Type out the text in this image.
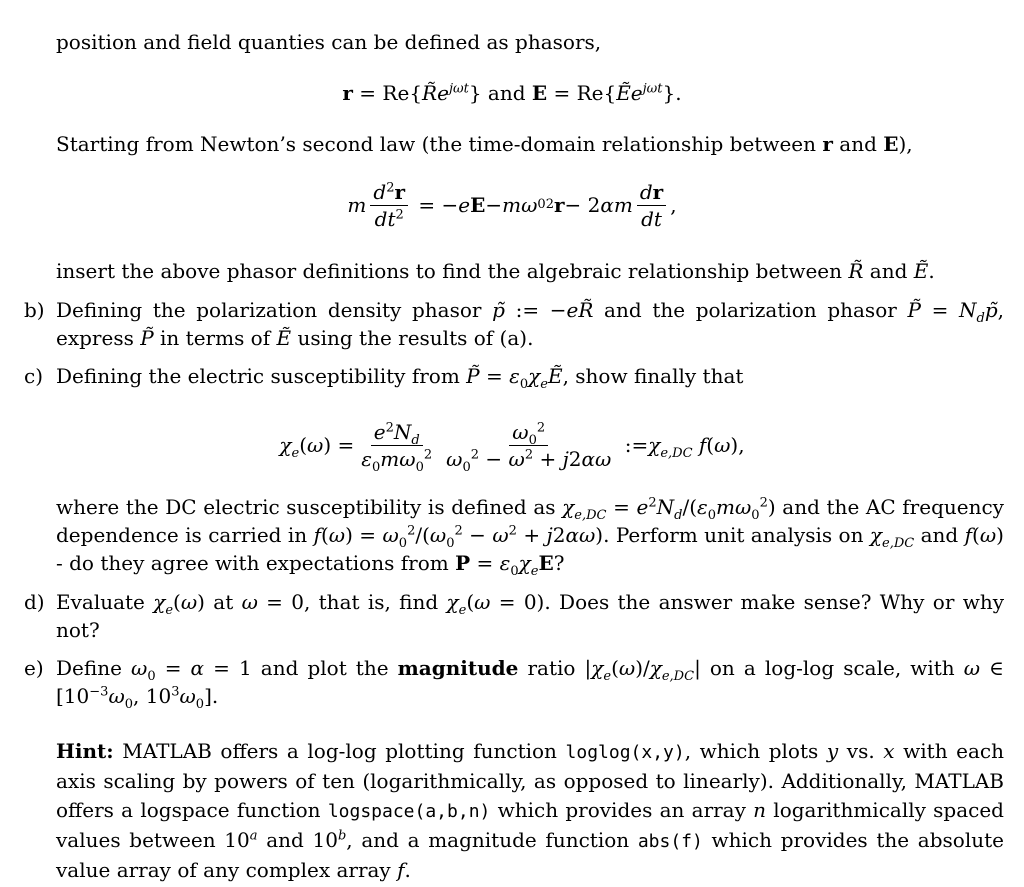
position and field quanties can be defined as phasors,
$r = Re\{R̃e^{j\omega t}\}$ and E = Re{Ẽe$^{j\omega t}$}.
Starting from Newton’s second law (the time-domain relationship between r and E),
m $\frac{d^2r}{dt^2}$ = − e E − mω 0 2 r − 2 αm $\frac{dr}{dt}$ ,
insert the above phasor definitions to find the algebraic relationship between R̃ and Ẽ.
b) Defining the polarization density phasor p̃ := −eR̃ and the polarization phasor P̃ = $N_dp̃$, express P̃ in terms of Ẽ using the results of (a).
c) Defining the electric susceptibility from P̃ = $\varepsilon_0\chi_eẼ$, show finally that
$\chi_e$ ( ω ) = $\frac{e^2N_d}{\varepsilon_0m\omega_0^2} \frac{\omega_0^2}{\omega_0^2 - \omega^2 + j2\alpha\omega}$ := $\chi_{e,DC}$ f ( ω ),
where the DC electric susceptibility is defined as $\chi_{e,DC} = e^2N_d/(\varepsilon_0m\omega_0^2)$ and the AC frequency dependence is carried in $f(\omega) = \omega_0^2/(\omega_0^2 - \omega^2 + j2\alpha\omega)$. Perform unit analysis on $\chi_{e,DC}$ and f(ω) - do they agree with expectations from $P = \varepsilon_0\chi_eE$?
d) Evaluate $\chi_e(\omega)$ at ω = 0, that is, find $\chi_e(\omega = 0)$. Does the answer make sense? Why or why not?
e) Define $\omega_0 = \alpha = 1$ and plot the magnitude ratio $|\chi_e(\omega)/\chi_{e,DC}|$ on a log-log scale, with ω ∈ [$10^{-3}\omega_0$, $10^3\omega_0$].
Hint: MATLAB offers a log-log plotting function loglog(x,y), which plots y vs. x with each axis scaling by powers of ten (logarithmically, as opposed to linearly). Additionally, MATLAB offers a logspace function logspace(a,b,n) which provides an array n logarithmically spaced values between 10$^a$ and 10$^b$, and a magnitude function abs(f) which provides the absolute value array of any complex array f.
